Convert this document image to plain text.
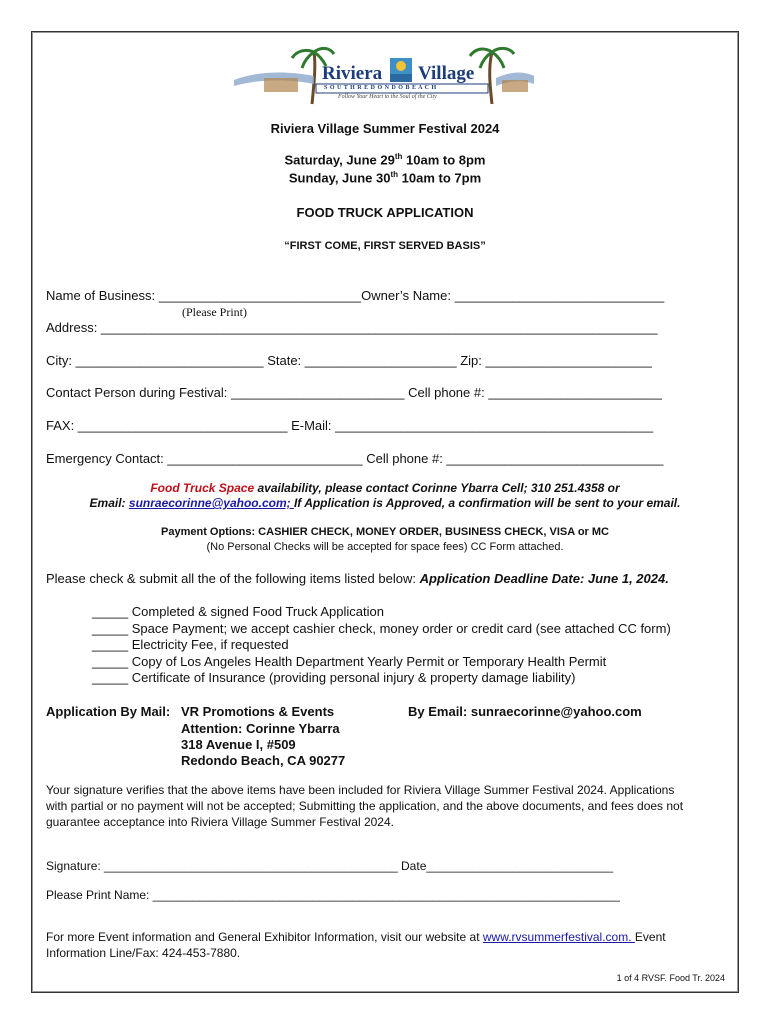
Riviera Village
S O U T H R E D O N D O B E A C H
Follow Your Heart to the Soul of the City
Riviera Village Summer Festival 2024
Saturday, June 29th 10am to 8pm
Sunday, June 30th 10am to 7pm
FOOD TRUCK APPLICATION
“FIRST COME, FIRST SERVED BASIS”
Name of Business: ____________________________Owner’s Name: _____________________________
(Please Print)
Address: _____________________________________________________________________________
City: __________________________ State: _____________________ Zip: _______________________
Contact Person during Festival: ________________________ Cell phone #: ________________________
FAX: _____________________________ E-Mail: ____________________________________________
Emergency Contact: ___________________________ Cell phone #: ______________________________
Food Truck Space availability, please contact Corinne Ybarra Cell; 310 251.4358 or
Email: sunraecorinne@yahoo.com; If Application is Approved, a confirmation will be sent to your email.
Payment Options: CASHIER CHECK, MONEY ORDER, BUSINESS CHECK, VISA or MC
(No Personal Checks will be accepted for space fees) CC Form attached.
Please check & submit all the of the following items listed below: Application Deadline Date: June 1, 2024.
_____ Completed & signed Food Truck Application
_____ Space Payment; we accept cashier check, money order or credit card (see attached CC form)
_____ Electricity Fee, if requested
_____ Copy of Los Angeles Health Department Yearly Permit or Temporary Health Permit
_____ Certificate of Insurance (providing personal injury & property damage liability)
Application By Mail: VR Promotions & Events
Attention: Corinne Ybarra
318 Avenue I, #509
Redondo Beach, CA 90277
By Email: sunraecorinne@yahoo.com
Your signature verifies that the above items have been included for Riviera Village Summer Festival 2024. Applications
with partial or no payment will not be accepted; Submitting the application, and the above documents, and fees does not
guarantee acceptance into Riviera Village Summer Festival 2024.
Signature: ____________________________________________ Date____________________________
Please Print Name: ______________________________________________________________________
For more Event information and General Exhibitor Information, visit our website at www.rvsummerfestival.com. Event
Information Line/Fax: 424-453-7880.
1 of 4 RVSF. Food Tr. 2024
